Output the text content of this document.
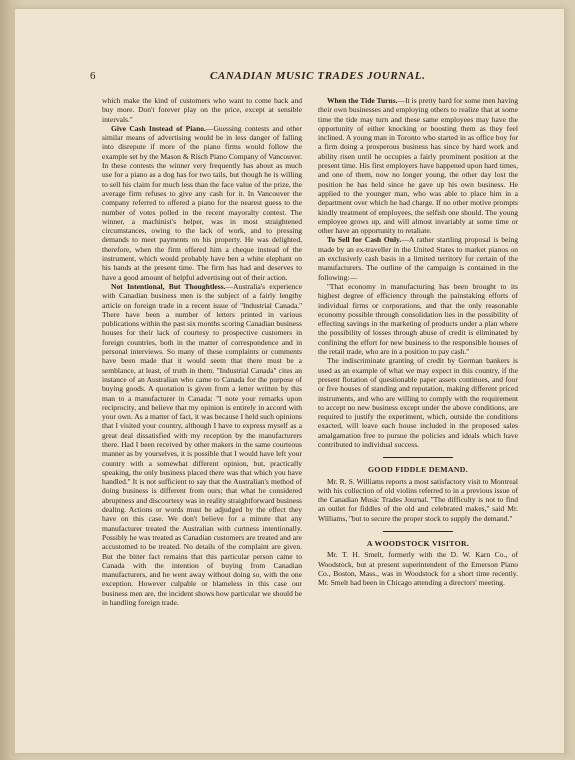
6	CANADIAN MUSIC TRADES JOURNAL.

which make the kind of customers who want to come back and buy more. Don't forever play on the price, except at sensible intervals.''

Give Cash Instead of Piano.—Guessing contests and other similar means of advertising would be in less danger of falling into disrepute if more of the piano firms would follow the example set by the Mason & Risch Piano Company of Vancouver. In these contests the winner very frequently has about as much use for a piano as a dog has for two tails, but though he is willing to sell his claim for much less than the face value of the prize, the average firm refuses to give any cash for it. In Vancouver the company referred to offered a piano for the nearest guess to the number of votes polled in the recent mayoralty contest. The winner, a machinist's helper, was in most straightened circumstances, owing to the lack of work, and to pressing demands to meet payments on his property. He was delighted, therefore, when the firm offered him a cheque instead of the instrument, which would probably have ben a white elephant on his hands at the present time. The firm has had and deserves to have a good amount of helpful advertising out of their action.

Not Intentional, But Thoughtless.—Australia's experience with Canadian business men is the subject of a fairly lengthy article on foreign trade in a recent issue of ''Industrial Canada.'' There have been a number of letters printed in various publications within the past six months scoring Canadian business houses for their lack of courtesy to prospective customers in foreign countries, both in the matter of correspondence and in personal interviews. So many of these complaints or comments have been made that it would seem that there must be a semblance, at least, of truth in them. ''Industrial Canada'' cites an instance of an Australian who came to Canada for the purpose of buying goods. A quotation is given from a letter written by this man to a manufacturer in Canada: ''I note your remarks upon reciprocity, and believe that my opinion is entirely in accord with your own. As a matter of fact, it was because I held such opinions that I visited your country, although I have to express myself as a great deal dissatisfied with my reception by the manufacturers there. Had I been received by other makers in the same courteous manner as by yourselves, it is possible that I would have left your country with a somewhat different opinion, but, practically speaking, the only business placed there was that which you have handled.'' It is not sufficient to say that the Australian's method of doing business is different from ours; that what he considered abruptness and discourtesy was in reality straightforward business dealing. Actions or words must be adjudged by the effect they have on this case. We don't believe for a minute that any manufacturer treated the Australian with curtness intentionally. Possibly he was treated as Canadian customers are treated and are accustomed to be treated. No details of the complaint are given. But the bitter fact remains that this particular person came to Canada with the intention of buying from Canadian manufacturers, and he went away without doing so, with the one exception. However culpable or blameless in this case our business men are, the incident shows how particular we should be in handling foreign trade.

When the Tide Turns.—It is pretty hard for some men having their own businesses and employing others to realize that at some time the tide may turn and these same employees may have the opportunity of either knocking or boosting them as they feel inclined. A young man in Toronto who started in as office boy for a firm doing a prosperous business has since by hard work and ability risen until he occupies a fairly prominent position at the present time. His first employers have happened upon hard times, and one of them, now no longer young, the other day lost the position he has held since he gave up his own business. He applied to the younger man, who was able to place him in a department over which he had charge. If no other motive prompts kindly treatment of employees, the selfish one should. The young employee grows up, and will almost invariably at some time or other have an opportunity to retaliate.

To Sell for Cash Only.—A rather startling proposal is being made by an ex-traveller in the United States to market pianos on an exclusively cash basis in a limited territory for certain of the manufacturers. The outline of the campaign is contained in the following:—

''That economy in manufacturing has been brought to its highest degree of efficiency through the painstaking efforts of individual firms or corporations, and that the only reasonable economy possible through consolidation lies in the possibility of effecting savings in the marketing of products under a plan where the possibility of losses through abuse of credit is eliminated by confining the effort for new business to the responsible houses of the retail trade, who are in a position to pay cash.''

The indiscriminate granting of credit by German bankers is used as an example of what we may expect in this country, if the present flotation of questionable paper assets continues, and four or five houses of standing and reputation, making different priced instruments, and who are willing to comply with the requirement to accept no new business except under the above conditions, are required to justify the experiment, which, outside the conditions exacted, will leave each house included in the proposed sales amalgamation free to pursue the policies and ideals which have contributed to individual success.

GOOD FIDDLE DEMAND.

Mr. R. S. Williams reports a most satisfactory visit to Montreal with his collection of old violins referred to in a previous issue of the Canadian Music Trades Journal. ''The difficulty is not to find an outlet for fiddles of the old and celebrated makes,'' said Mr. Williams, ''but to secure the proper stock to supply the demand.''

A WOODSTOCK VISITOR.

Mr. T. H. Smelt, formerly with the D. W. Karn Co., of Woodstock, but at present superintendent of the Emerson Piano Co., Boston, Mass., was in Woodstock for a short time recently. Mr. Smelt had been in Chicago attending a directors' meeting.
